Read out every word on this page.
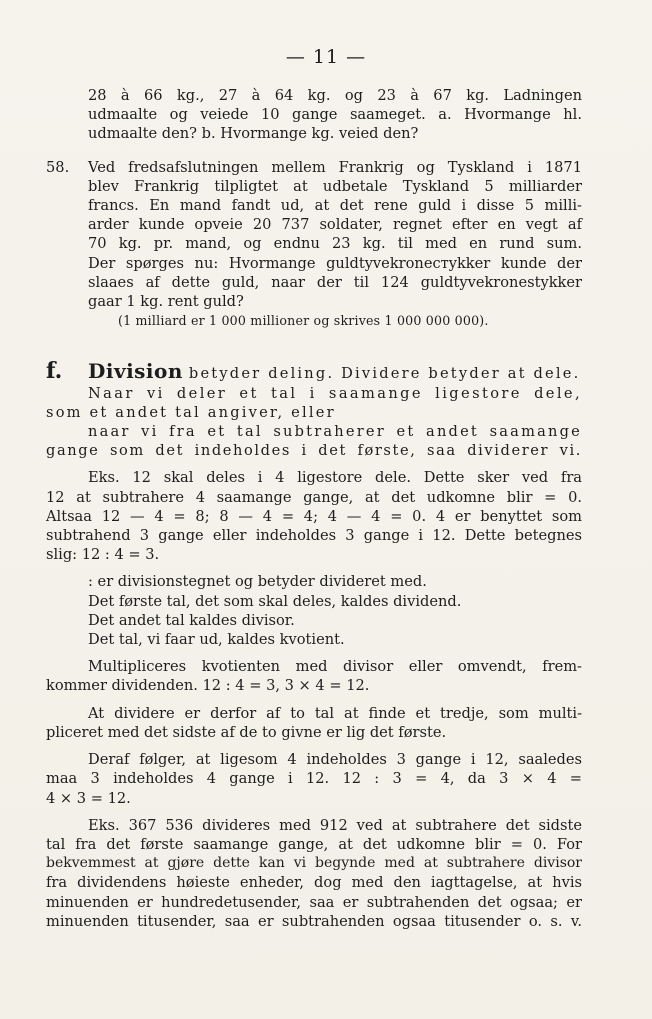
— 11 —
28 à 66 kg., 27 à 64 kg. og 23 à 67 kg. Ladningen
udmaalte og veiede 10 gange saameget. a. Hvormange hl.
udmaalte den? b. Hvormange kg. veied den?
58.	Ved fredsafslutningen mellem Frankrig og Tyskland i 1871
blev Frankrig tilpligtet at udbetale Tyskland 5 milliarder
francs. En mand fandt ud, at det rene guld i disse 5 milli-
arder kunde opveie 20 737 soldater, regnet efter en vegt af
70 kg. pr. mand, og endnu 23 kg. til med en rund sum.
Der spørges nu: Hvormange guldtyvekroneстykker kunde der
slaaes af dette guld, naar der til 124 guldtyvekronestykker
gaar 1 kg. rent guld?
(1 milliard er 1 000 millioner og skrives 1 000 000 000).
f.	Division betyder deling. Dividere betyder at dele.
Naar vi deler et tal i saamange ligestore dele,
som et andet tal angiver, eller
naar vi fra et tal subtraherer et andet saamange
gange som det indeholdes i det første, saa dividerer vi.
Eks. 12 skal deles i 4 ligestore dele. Dette sker ved fra
12 at subtrahere 4 saamange gange, at det udkomne blir = 0.
Altsaa 12 — 4 = 8; 8 — 4 = 4; 4 — 4 = 0. 4 er benyttet som
subtrahend 3 gange eller indeholdes 3 gange i 12. Dette betegnes
slig: 12 : 4 = 3.
: er divisionstegnet og betyder divideret med.
Det første tal, det som skal deles, kaldes dividend.
Det andet tal kaldes divisor.
Det tal, vi faar ud, kaldes kvotient.
Multipliceres kvotienten med divisor eller omvendt, frem-
kommer dividenden. 12 : 4 = 3, 3 × 4 = 12.
At dividere er derfor af to tal at finde et tredje, som multi-
pliceret med det sidste af de to givne er lig det første.
Deraf følger, at ligesom 4 indeholdes 3 gange i 12, saaledes
maa 3 indeholdes 4 gange i 12. 12 : 3 = 4, da 3 × 4 =
4 × 3 = 12.
Eks. 367 536 divideres med 912 ved at subtrahere det sidste
tal fra det første saamange gange, at det udkomne blir = 0. For
bekvemmest at gjøre dette kan vi begynde med at subtrahere divisor
fra dividendens høieste enheder, dog med den iagttagelse, at hvis
minuenden er hundredetusender, saa er subtrahenden det ogsaa; er
minuenden titusender, saa er subtrahenden ogsaa titusender o. s. v.
